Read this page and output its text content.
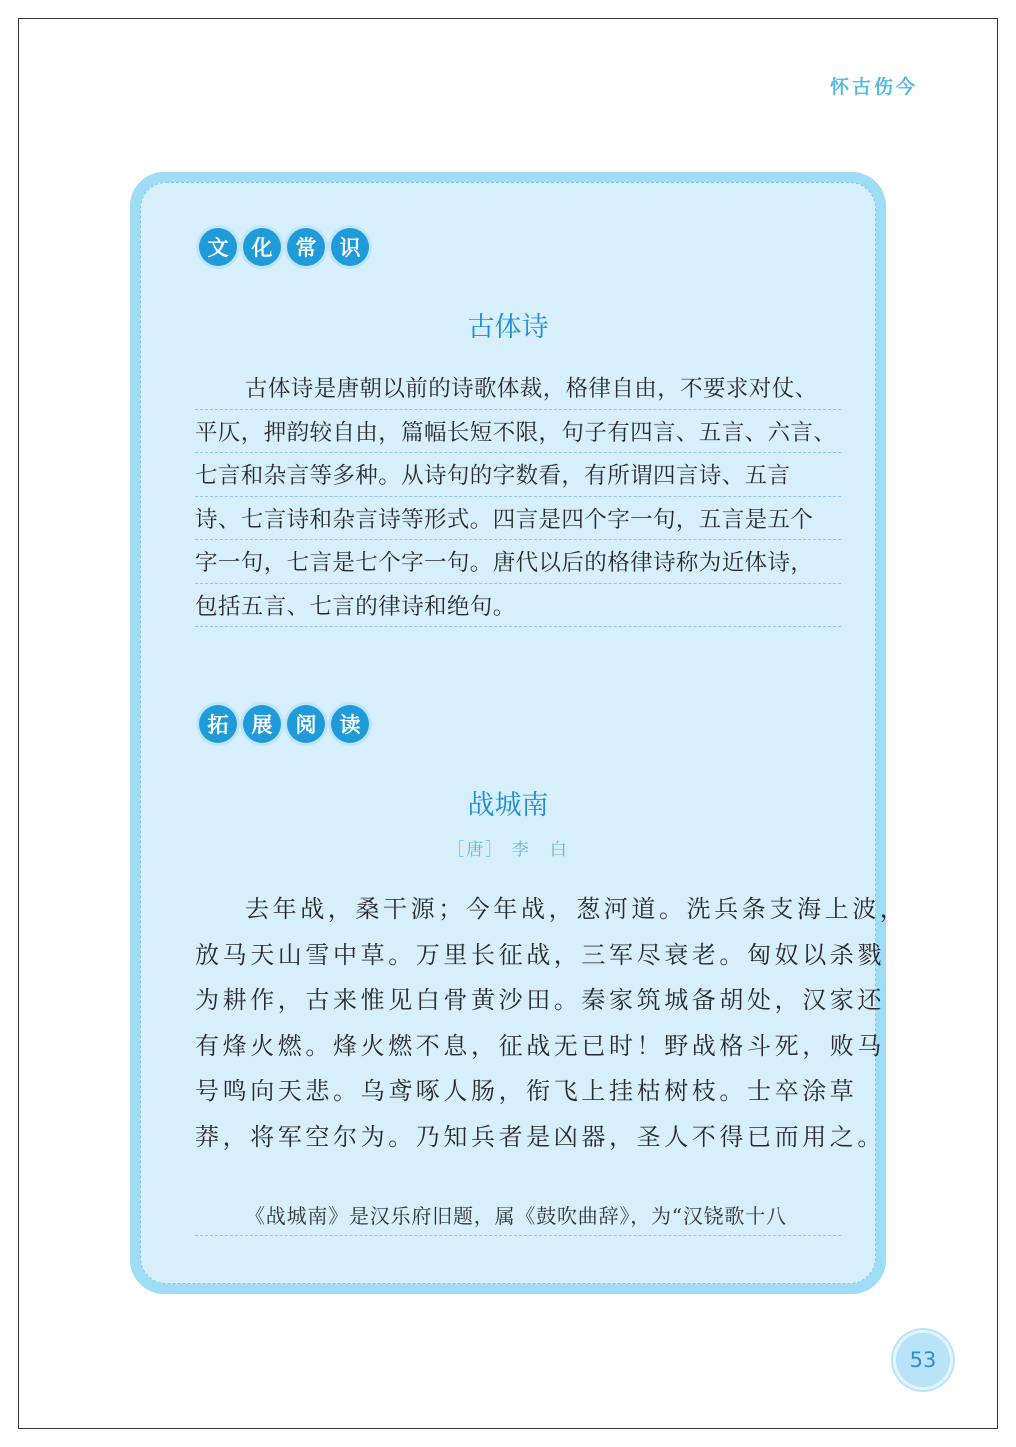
怀古伤今
文	化	常	识
古体诗
古体诗是唐朝以前的诗歌体裁，格律自由，不要求对仗、
平仄，押韵较自由，篇幅长短不限，句子有四言、五言、六言、
七言和杂言等多种。从诗句的字数看，有所谓四言诗、五言
诗、七言诗和杂言诗等形式。四言是四个字一句，五言是五个
字一句，七言是七个字一句。唐代以后的格律诗称为近体诗，
包括五言、七言的律诗和绝句。
拓	展	阅	读
战城南
［唐］ 李　白
去年战，桑干源；今年战，葱河道。洗兵条支海上波，
放马天山雪中草。万里长征战，三军尽衰老。匈奴以杀戮
为耕作，古来惟见白骨黄沙田。秦家筑城备胡处，汉家还
有烽火燃。烽火燃不息，征战无已时！野战格斗死，败马
号鸣向天悲。乌鸢啄人肠，衔飞上挂枯树枝。士卒涂草
莽，将军空尔为。乃知兵者是凶器，圣人不得已而用之。
《战城南》是汉乐府旧题，属《鼓吹曲辞》，为“汉铙歌十八
53
